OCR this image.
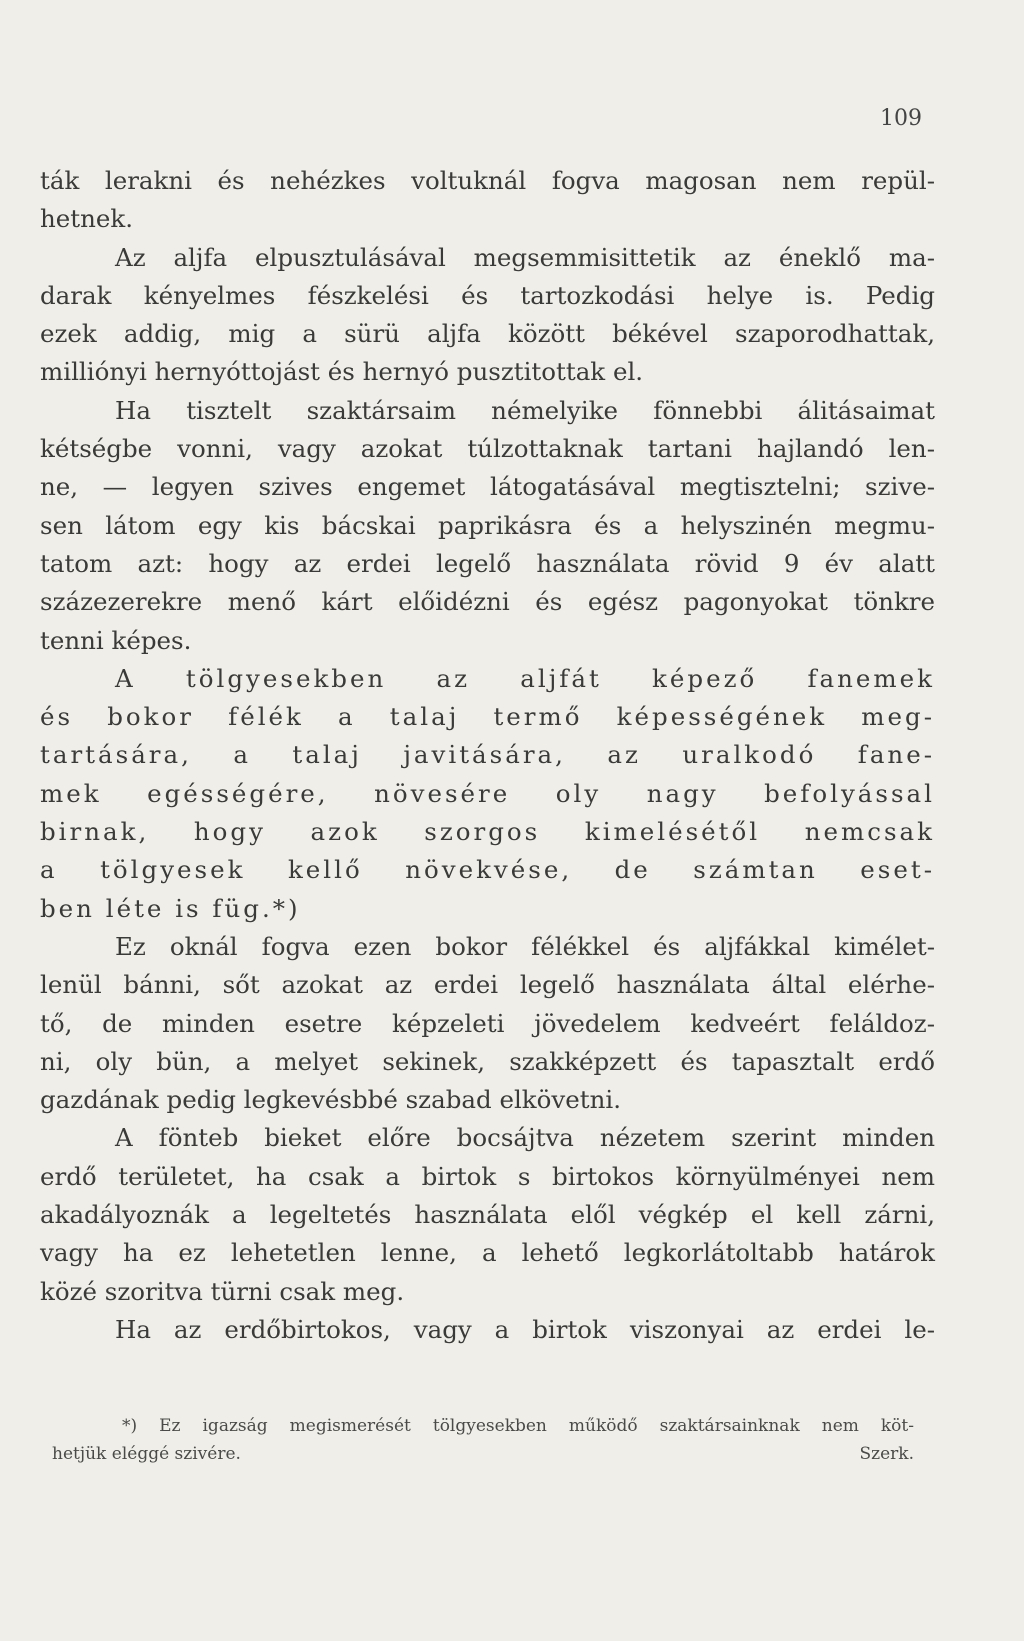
109
ták lerakni és nehézkes voltuknál fogva magosan nem repül-
hetnek.
Az aljfa elpusztulásával megsemmisittetik az éneklő ma-
darak kényelmes fészkelési és tartozkodási helye is. Pedig
ezek addig, mig a sürü aljfa között békével szaporodhattak,
milliónyi hernyóttojást és hernyó pusztitottak el.
Ha tisztelt szaktársaim némelyike fönnebbi álitásaimat
kétségbe vonni, vagy azokat túlzottaknak tartani hajlandó len-
ne, — legyen szives engemet látogatásával megtisztelni; szive-
sen látom egy kis bácskai paprikásra és a helyszinén megmu-
tatom azt: hogy az erdei legelő használata rövid 9 év alatt
százezerekre menő kárt előidézni és egész pagonyokat tönkre
tenni képes.
A tölgyesekben az aljfát képező fanemek
és bokor félék a talaj termő képességének meg-
tartására, a talaj javitására, az uralkodó fane-
mek egésségére, növesére oly nagy befolyással
birnak, hogy azok szorgos kimelésétől nemcsak
a tölgyesek kellő növekvése, de számtan eset-
ben léte is füg.*)
Ez oknál fogva ezen bokor félékkel és aljfákkal kimélet-
lenül bánni, sőt azokat az erdei legelő használata által elérhe-
tő, de minden esetre képzeleti jövedelem kedveért feláldoz-
ni, oly bün, a melyet sekinek, szakképzett és tapasztalt erdő
gazdának pedig legkevésbbé szabad elkövetni.
A fönteb bieket előre bocsájtva nézetem szerint minden
erdő területet, ha csak a birtok s birtokos környülményei nem
akadályoznák a legeltetés használata elől végkép el kell zárni,
vagy ha ez lehetetlen lenne, a lehető legkorlátoltabb határok
közé szoritva türni csak meg.
Ha az erdőbirtokos, vagy a birtok viszonyai az erdei le-
*) Ez igazság megismerését tölgyesekben működő szaktársainknak nem köt-
hetjük eléggé szivére.	Szerk.
